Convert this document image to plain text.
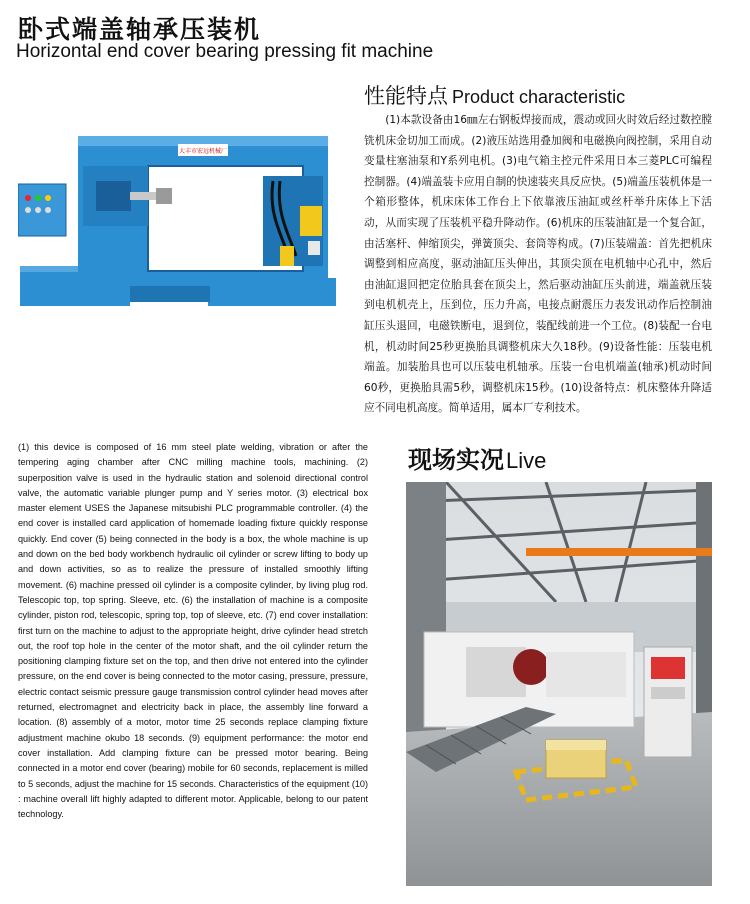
卧式端盖轴承压装机
Horizontal end cover bearing pressing fit machine
大丰市宏远机械厂
性能特点 Product characteristic
(1)本款设备由16㎜左右钢板焊接而成，震动或回火时效后经过数控膛铣机床金切加工而成。(2)液压站选用叠加阀和电磁换向阀控制，采用自动变量柱塞油泵和Y系列电机。(3)电气箱主控元件采用日本三菱PLC可编程控制器。(4)端盖装卡应用自制的快速装夹具反应快。(5)端盖压装机体是一个箱形整体，机床床体工作台上下依靠液压油缸或丝杆举升床体上下活动，从而实现了压装机平稳升降动作。(6)机床的压装油缸是一个复合缸，由活塞杆、伸缩顶尖，弹簧顶尖、套筒等构成。(7)压装端盖：首先把机床调整到相应高度，驱动油缸压头伸出，其顶尖顶在电机轴中心孔中，然后由油缸退回把定位胎具套在顶尖上，然后驱动油缸压头前进，端盖就压装到电机机壳上，压到位，压力升高，电接点耐震压力表发讯动作后控制油缸压头退回，电磁铁断电，退到位，装配线前进一个工位。(8)装配一台电机，机动时间25秒更换胎具调整机床大久18秒。(9)设备性能：压装电机端盖。加装胎具也可以压装电机轴承。压装一台电机端盖(轴承)机动时间60秒，更换胎具需5秒，调整机床15秒。(10)设备特点：机床整体升降适应不同电机高度。简单适用，属本厂专利技术。
(1) this device is composed of 16 mm steel plate welding, vibration or after the tempering aging chamber after CNC milling machine tools, machining. (2) superposition valve is used in the hydraulic station and solenoid directional control valve, the automatic variable plunger pump and Y series motor. (3) electrical box master element USES the Japanese mitsubishi PLC programmable controller. (4) the end cover is installed card application of homemade loading fixture quickly response quickly. End cover (5) being connected in the body is a box, the whole machine is up and down on the bed body workbench hydraulic oil cylinder or screw lifting to body up and down activities, so as to realize the pressure of installed smoothly lifting movement. (6) machine pressed oil cylinder is a composite cylinder, by living plug rod. Telescopic top, top spring. Sleeve, etc. (6) the installation of machine is a composite cylinder, piston rod, telescopic, spring top, top of sleeve, etc. (7) end cover installation: first turn on the machine to adjust to the appropriate height, drive cylinder head stretch out, the roof top hole in the center of the motor shaft, and the oil cylinder return the positioning clamping fixture set on the top, and then drive not entered into the cylinder pressure, on the end cover is being connected to the motor casing, pressure, pressure, electric contact seismic pressure gauge transmission control cylinder head moves after returned, electromagnet and electricity back in place, the assembly line forward a location. (8) assembly of a motor, motor time 25 seconds replace clamping fixture adjustment machine okubo 18 seconds. (9) equipment performance: the motor end cover installation. Add clamping fixture can be pressed motor bearing. Being connected in a motor end cover (bearing) mobile for 60 seconds, replacement is milled to 5 seconds, adjust the machine for 15 seconds. Characteristics of the equipment (10) : machine overall lift highly adapted to different motor. Applicable, belong to our patent technology.
现场实况Live
